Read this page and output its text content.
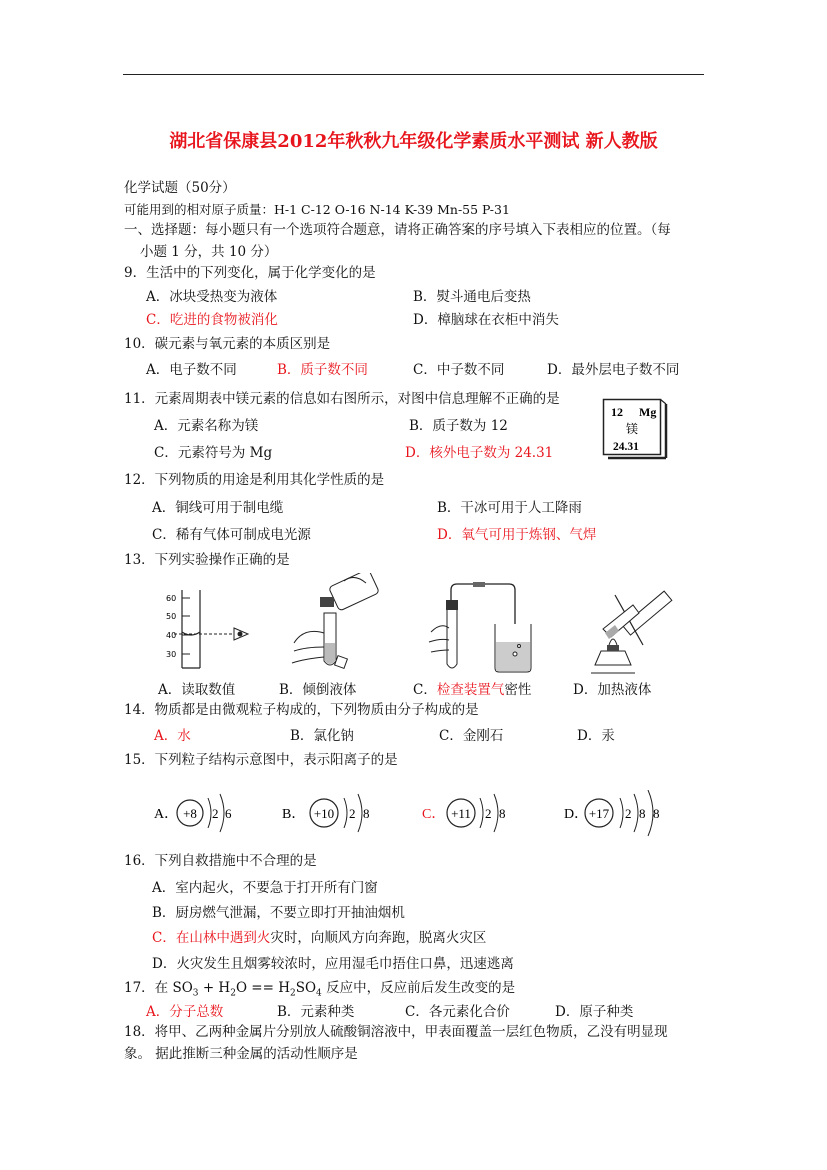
湖北省保康县2012年秋秋九年级化学素质水平测试 新人教版
化学试题（50分）
可能用到的相对原子质量：H-1 C-12 O-16 N-14 K-39 Mn-55 P-31
一、选择题：每小题只有一个选项符合题意，请将正确答案的序号填入下表相应的位置。（每
小题 1 分，共 10 分）
9．生活中的下列变化，属于化学变化的是
A．冰块受热变为液体	B．熨斗通电后变热
C．吃进的食物被消化	D．樟脑球在衣柜中消失
10．碳元素与氧元素的本质区别是
A．电子数不同	B．质子数不同	C．中子数不同	D．最外层电子数不同
11．元素周期表中镁元素的信息如右图所示，对图中信息理解不正确的是
A．元素名称为镁	B．质子数为 12
C．元素符号为 Mg	D．核外电子数为 24.31
12 Mg
镁
24.31
12．下列物质的用途是利用其化学性质的是
A．铜线可用于制电缆	B．干冰可用于人工降雨
C．稀有气体可制成电光源	D．氧气可用于炼钢、气焊
13．下列实验操作正确的是
60
50
40
30
A．读取数值	B．倾倒液体	C．检查装置气密性	D．加热液体
14．物质都是由微观粒子构成的，下列物质由分子构成的是
A．水	B．氯化钠	C．金刚石	D．汞
15．下列粒子结构示意图中，表示阳离子的是
A． +8 2 6	B． +10 2 8	C． +11 2 8	D． +17 2 8 8
16．下列自救措施中不合理的是
A．室内起火，不要急于打开所有门窗
B．厨房燃气泄漏，不要立即打开抽油烟机
C．在山林中遇到火灾时，向顺风方向奔跑，脱离火灾区
D．火灾发生且烟雾较浓时，应用湿毛巾捂住口鼻，迅速逃离
17．在 $SO_3 + H_2O == H_2SO_4$ 反应中，反应前后发生改变的是
A．分子总数	B．元素种类	C．各元素化合价	D．原子种类
18．将甲、乙两种金属片分别放人硫酸铜溶液中，甲表面覆盖一层红色物质，乙没有明显现
象。 据此推断三种金属的活动性顺序是
